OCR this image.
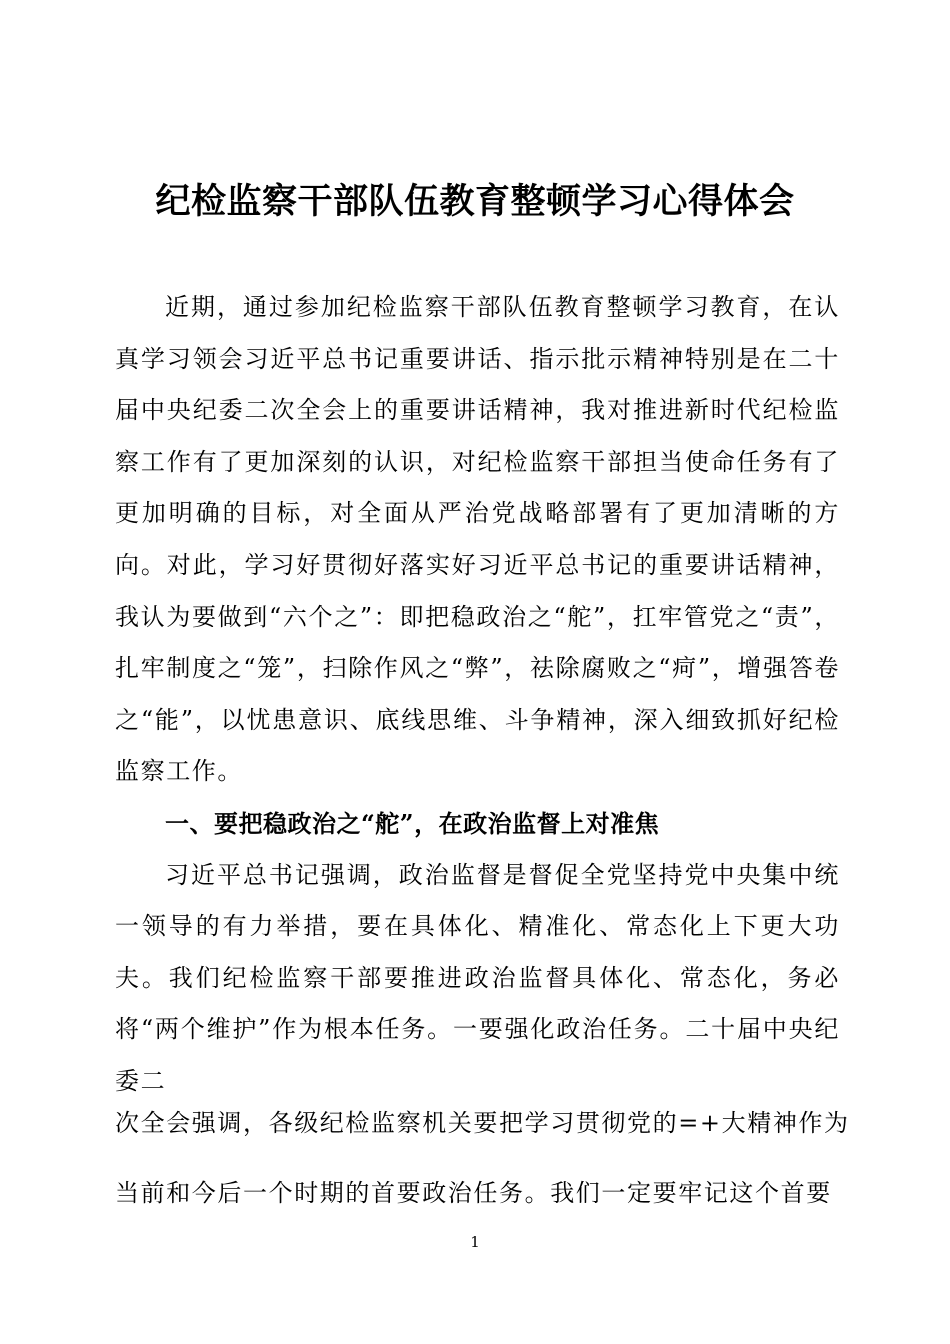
纪检监察干部队伍教育整顿学习心得体会

近期，通过参加纪检监察干部队伍教育整顿学习教育，在认真学习领会习近平总书记重要讲话、指示批示精神特别是在二十届中央纪委二次全会上的重要讲话精神，我对推进新时代纪检监察工作有了更加深刻的认识，对纪检监察干部担当使命任务有了更加明确的目标，对全面从严治党战略部署有了更加清晰的方向。对此，学习好贯彻好落实好习近平总书记的重要讲话精神，我认为要做到“六个之”：即把稳政治之“舵”，扛牢管党之“责”，扎牢制度之“笼”，扫除作风之“弊”，祛除腐败之“疴”，增强答卷之“能”，以忧患意识、底线思维、斗争精神，深入细致抓好纪检监察工作。

一、要把稳政治之“舵”，在政治监督上对准焦

习近平总书记强调，政治监督是督促全党坚持党中央集中统一领导的有力举措，要在具体化、精准化、常态化上下更大功夫。我们纪检监察干部要推进政治监督具体化、常态化，务必将“两个维护”作为根本任务。一要强化政治任务。二十届中央纪委二

次全会强调，各级纪检监察机关要把学习贯彻党的=+大精神作为

当前和今后一个时期的首要政治任务。我们一定要牢记这个首要

1
